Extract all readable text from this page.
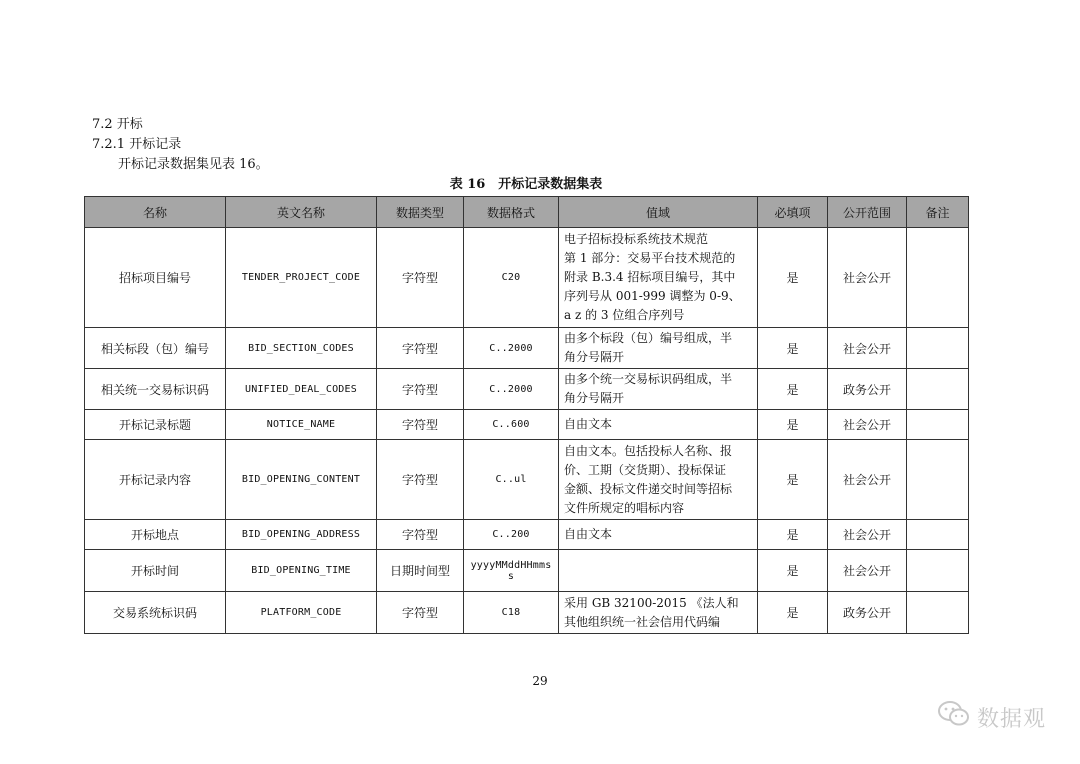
7.2 开标
7.2.1 开标记录
开标记录数据集见表 16。
表 16　开标记录数据集表
名称	英文名称	数据类型	数据格式	值域	必填项	公开范围	备注
招标项目编号	TENDER_PROJECT_CODE	字符型	C20	电子招标投标系统技术规范
第 1 部分：交易平台技术规范的
附录 B.3.4 招标项目编号，其中
序列号从 001-999 调整为 0-9、
a z 的 3 位组合序列号	是	社会公开	
相关标段（包）编号	BID_SECTION_CODES	字符型	C..2000	由多个标段（包）编号组成，半
角分号隔开	是	社会公开	
相关统一交易标识码	UNIFIED_DEAL_CODES	字符型	C..2000	由多个统一交易标识码组成，半
角分号隔开	是	政务公开	
开标记录标题	NOTICE_NAME	字符型	C..600	自由文本	是	社会公开	
开标记录内容	BID_OPENING_CONTENT	字符型	C..ul	自由文本。包括投标人名称、报
价、工期（交货期）、投标保证
金额、投标文件递交时间等招标
文件所规定的唱标内容	是	社会公开	
开标地点	BID_OPENING_ADDRESS	字符型	C..200	自由文本	是	社会公开	
开标时间	BID_OPENING_TIME	日期时间型	yyyyMMddHHmmss		是	社会公开	
交易系统标识码	PLATFORM_CODE	字符型	C18	采用 GB 32100-2015 《法人和
其他组织统一社会信用代码编	是	政务公开	
29
数据观
